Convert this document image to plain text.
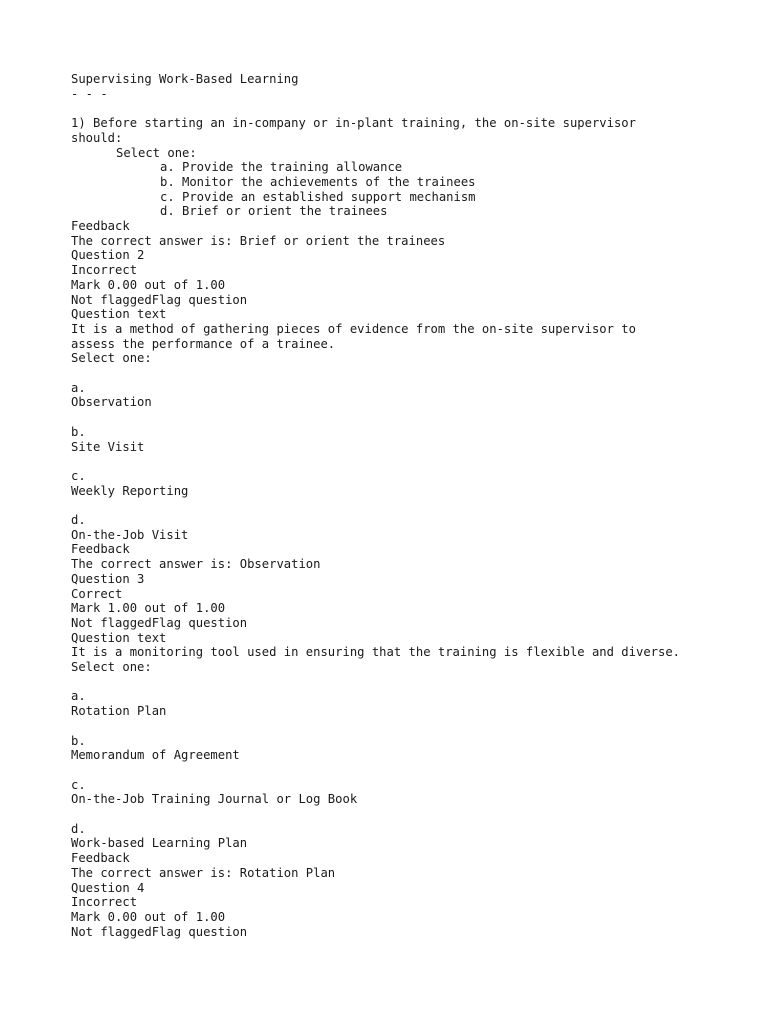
Supervising Work-Based Learning
- - -
1) Before starting an in-company or in-plant training, the on-site supervisor
should:
Select one:
a. Provide the training allowance
b. Monitor the achievements of the trainees
c. Provide an established support mechanism
d. Brief or orient the trainees
Feedback
The correct answer is: Brief or orient the trainees
Question 2
Incorrect
Mark 0.00 out of 1.00
Not flaggedFlag question
Question text
It is a method of gathering pieces of evidence from the on-site supervisor to
assess the performance of a trainee.
Select one:
a.
Observation
b.
Site Visit
c.
Weekly Reporting
d.
On-the-Job Visit
Feedback
The correct answer is: Observation
Question 3
Correct
Mark 1.00 out of 1.00
Not flaggedFlag question
Question text
It is a monitoring tool used in ensuring that the training is flexible and diverse.
Select one:
a.
Rotation Plan
b.
Memorandum of Agreement
c.
On-the-Job Training Journal or Log Book
d.
Work-based Learning Plan
Feedback
The correct answer is: Rotation Plan
Question 4
Incorrect
Mark 0.00 out of 1.00
Not flaggedFlag question
